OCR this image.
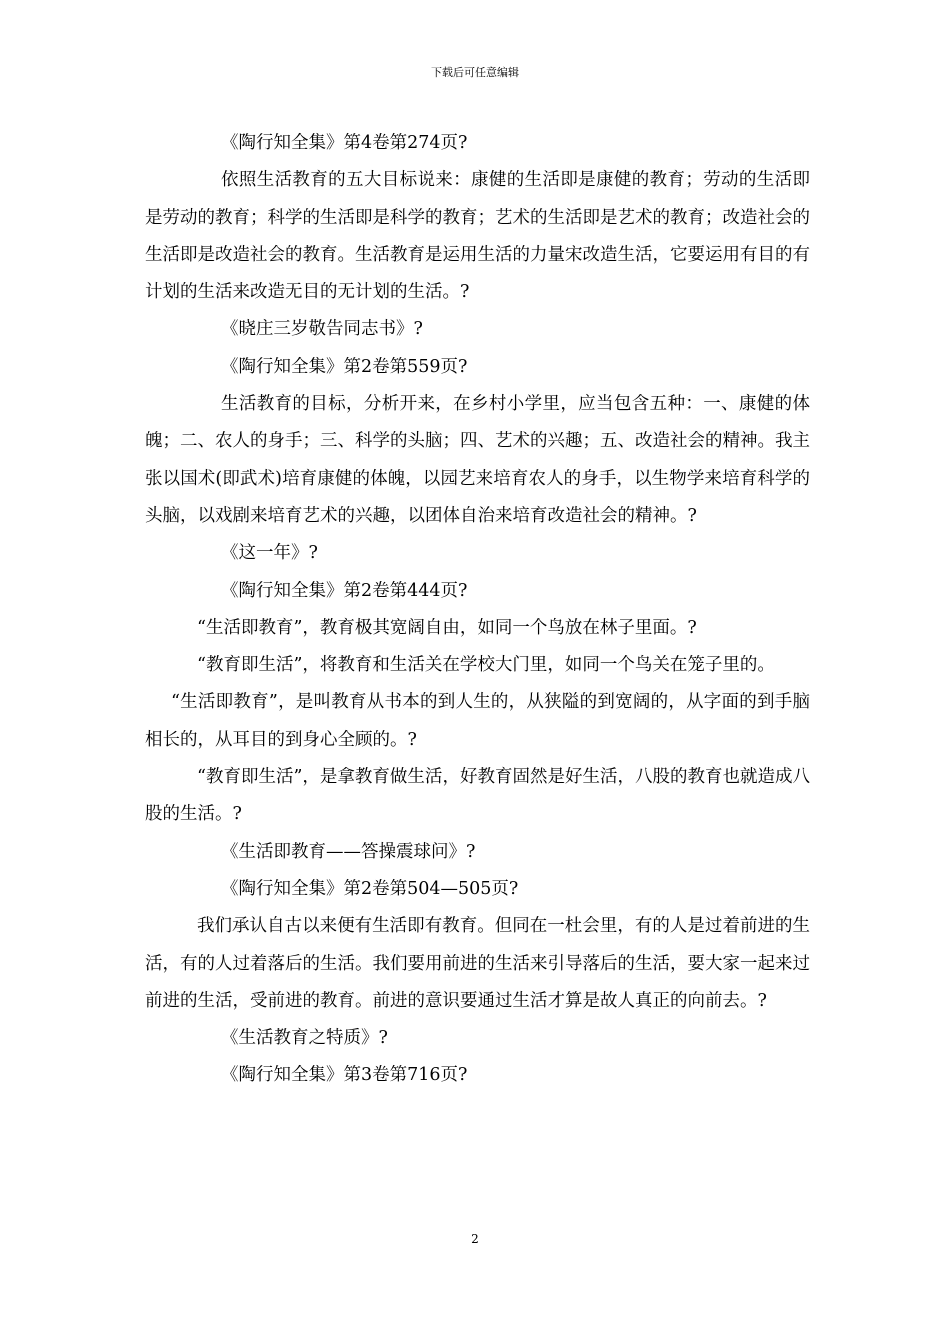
下载后可任意编辑

《陶行知全集》第4卷第274页?

依照生活教育的五大目标说来：康健的生活即是康健的教育；劳动的生活即是劳动的教育；科学的生活即是科学的教育；艺术的生活即是艺术的教育；改造社会的生活即是改造社会的教育。生活教育是运用生活的力量宋改造生活，它要运用有目的有计划的生活来改造无目的无计划的生活。?

《晓庄三岁敬告同志书》?

《陶行知全集》第2卷第559页?

生活教育的目标，分析开来，在乡村小学里，应当包含五种：一、康健的体魄；二、农人的身手；三、科学的头脑；四、艺术的兴趣；五、改造社会的精神。我主张以国术(即武术)培育康健的体魄，以园艺来培育农人的身手，以生物学来培育科学的头脑，以戏剧来培育艺术的兴趣，以团体自治来培育改造社会的精神。?

《这一年》?

《陶行知全集》第2卷第444页?

“生活即教育”，教育极其宽阔自由，如同一个鸟放在林子里面。?

“教育即生活”，将教育和生活关在学校大门里，如同一个鸟关在笼子里的。

“生活即教育”，是叫教育从书本的到人生的，从狭隘的到宽阔的，从字面的到手脑相长的，从耳目的到身心全顾的。?

“教育即生活”，是拿教育做生活，好教育固然是好生活，八股的教育也就造成八股的生活。?

《生活即教育——答操震球问》?

《陶行知全集》第2卷第504—505页?

我们承认自古以来便有生活即有教育。但同在一杜会里，有的人是过着前进的生活，有的人过着落后的生活。我们要用前进的生活来引导落后的生活，要大家一起来过前进的生活，受前进的教育。前进的意识要通过生活才算是故人真正的向前去。?

《生活教育之特质》?

《陶行知全集》第3卷第716页?

2
